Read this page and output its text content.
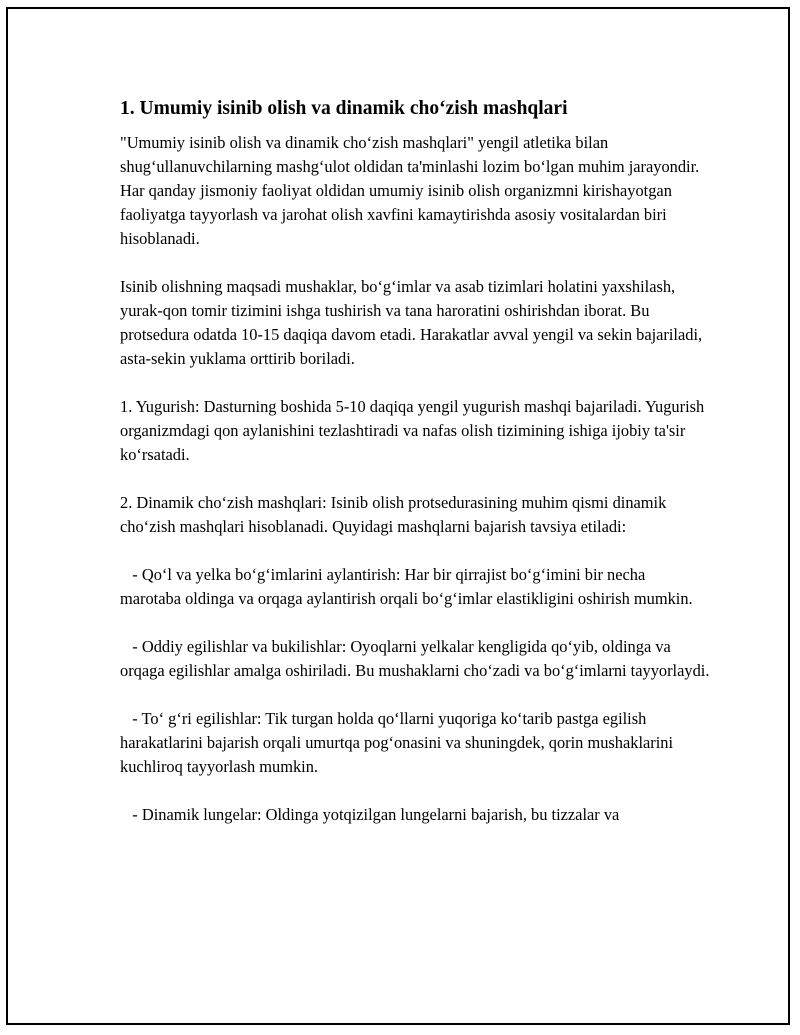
1. Umumiy isinib olish va dinamik cho‘zish mashqlari

"Umumiy isinib olish va dinamik cho‘zish mashqlari" yengil atletika bilan shug‘ullanuvchilarning mashg‘ulot oldidan ta'minlashi lozim bo‘lgan muhim jarayondir. Har qanday jismoniy faoliyat oldidan umumiy isinib olish organizmni kirishayotgan faoliyatga tayyorlash va jarohat olish xavfini kamaytirishda asosiy vositalardan biri hisoblanadi.

Isinib olishning maqsadi mushaklar, bo‘g‘imlar va asab tizimlari holatini yaxshilash, yurak-qon tomir tizimini ishga tushirish va tana haroratini oshirishdan iborat. Bu protsedura odatda 10-15 daqiqa davom etadi. Harakatlar avval yengil va sekin bajariladi, asta-sekin yuklama orttirib boriladi.

1. Yugurish: Dasturning boshida 5-10 daqiqa yengil yugurish mashqi bajariladi. Yugurish organizmdagi qon aylanishini tezlashtiradi va nafas olish tizimining ishiga ijobiy ta'sir ko‘rsatadi.

2. Dinamik cho‘zish mashqlari: Isinib olish protsedurasining muhim qismi dinamik cho‘zish mashqlari hisoblanadi. Quyidagi mashqlarni bajarish tavsiya etiladi:

- Qo‘l va yelka bo‘g‘imlarini aylantirish: Har bir qirrajist bo‘g‘imini bir necha marotaba oldinga va orqaga aylantirish orqali bo‘g‘imlar elastikligini oshirish mumkin.

- Oddiy egilishlar va bukilishlar: Oyoqlarni yelkalar kengligida qo‘yib, oldinga va orqaga egilishlar amalga oshiriladi. Bu mushaklarni cho‘zadi va bo‘g‘imlarni tayyorlaydi.

- To‘ g‘ri egilishlar: Tik turgan holda qo‘llarni yuqoriga ko‘tarib pastga egilish harakatlarini bajarish orqali umurtqa pog‘onasini va shuningdek, qorin mushaklarini kuchliroq tayyorlash mumkin.

- Dinamik lungelar: Oldinga yotqizilgan lungelarni bajarish, bu tizzalar va
